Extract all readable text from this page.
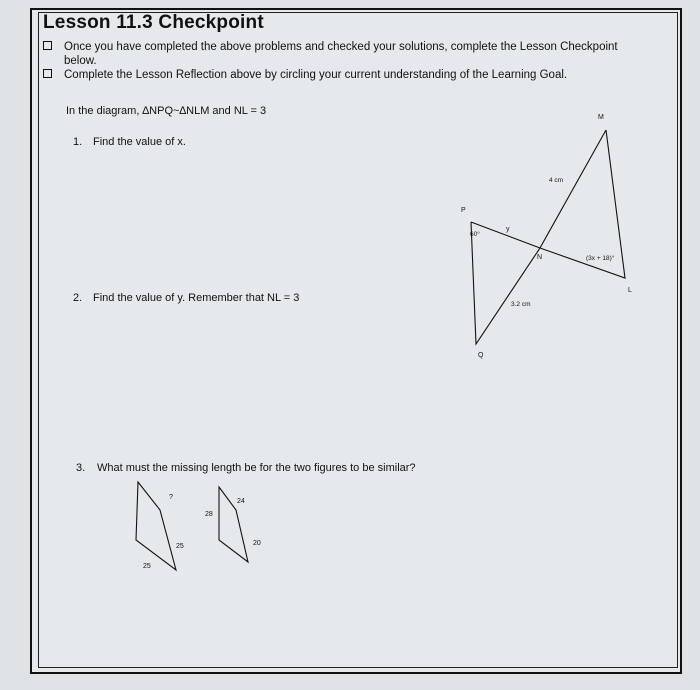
Lesson 11.3 Checkpoint
Once you have completed the above problems and checked your solutions, complete the Lesson Checkpoint
below.
Complete the Lesson Reflection above by circling your current understanding of the Learning Goal.
In the diagram, ∆NPQ~∆NLM and NL = 3
1. Find the value of x.
2. Find the value of y. Remember that NL = 3
3. What must the missing length be for the two figures to be similar?
M
P
N
L
Q
60°
y
4 cm
3.2 cm
(3x + 18)°
?
28
25
25
24
20
